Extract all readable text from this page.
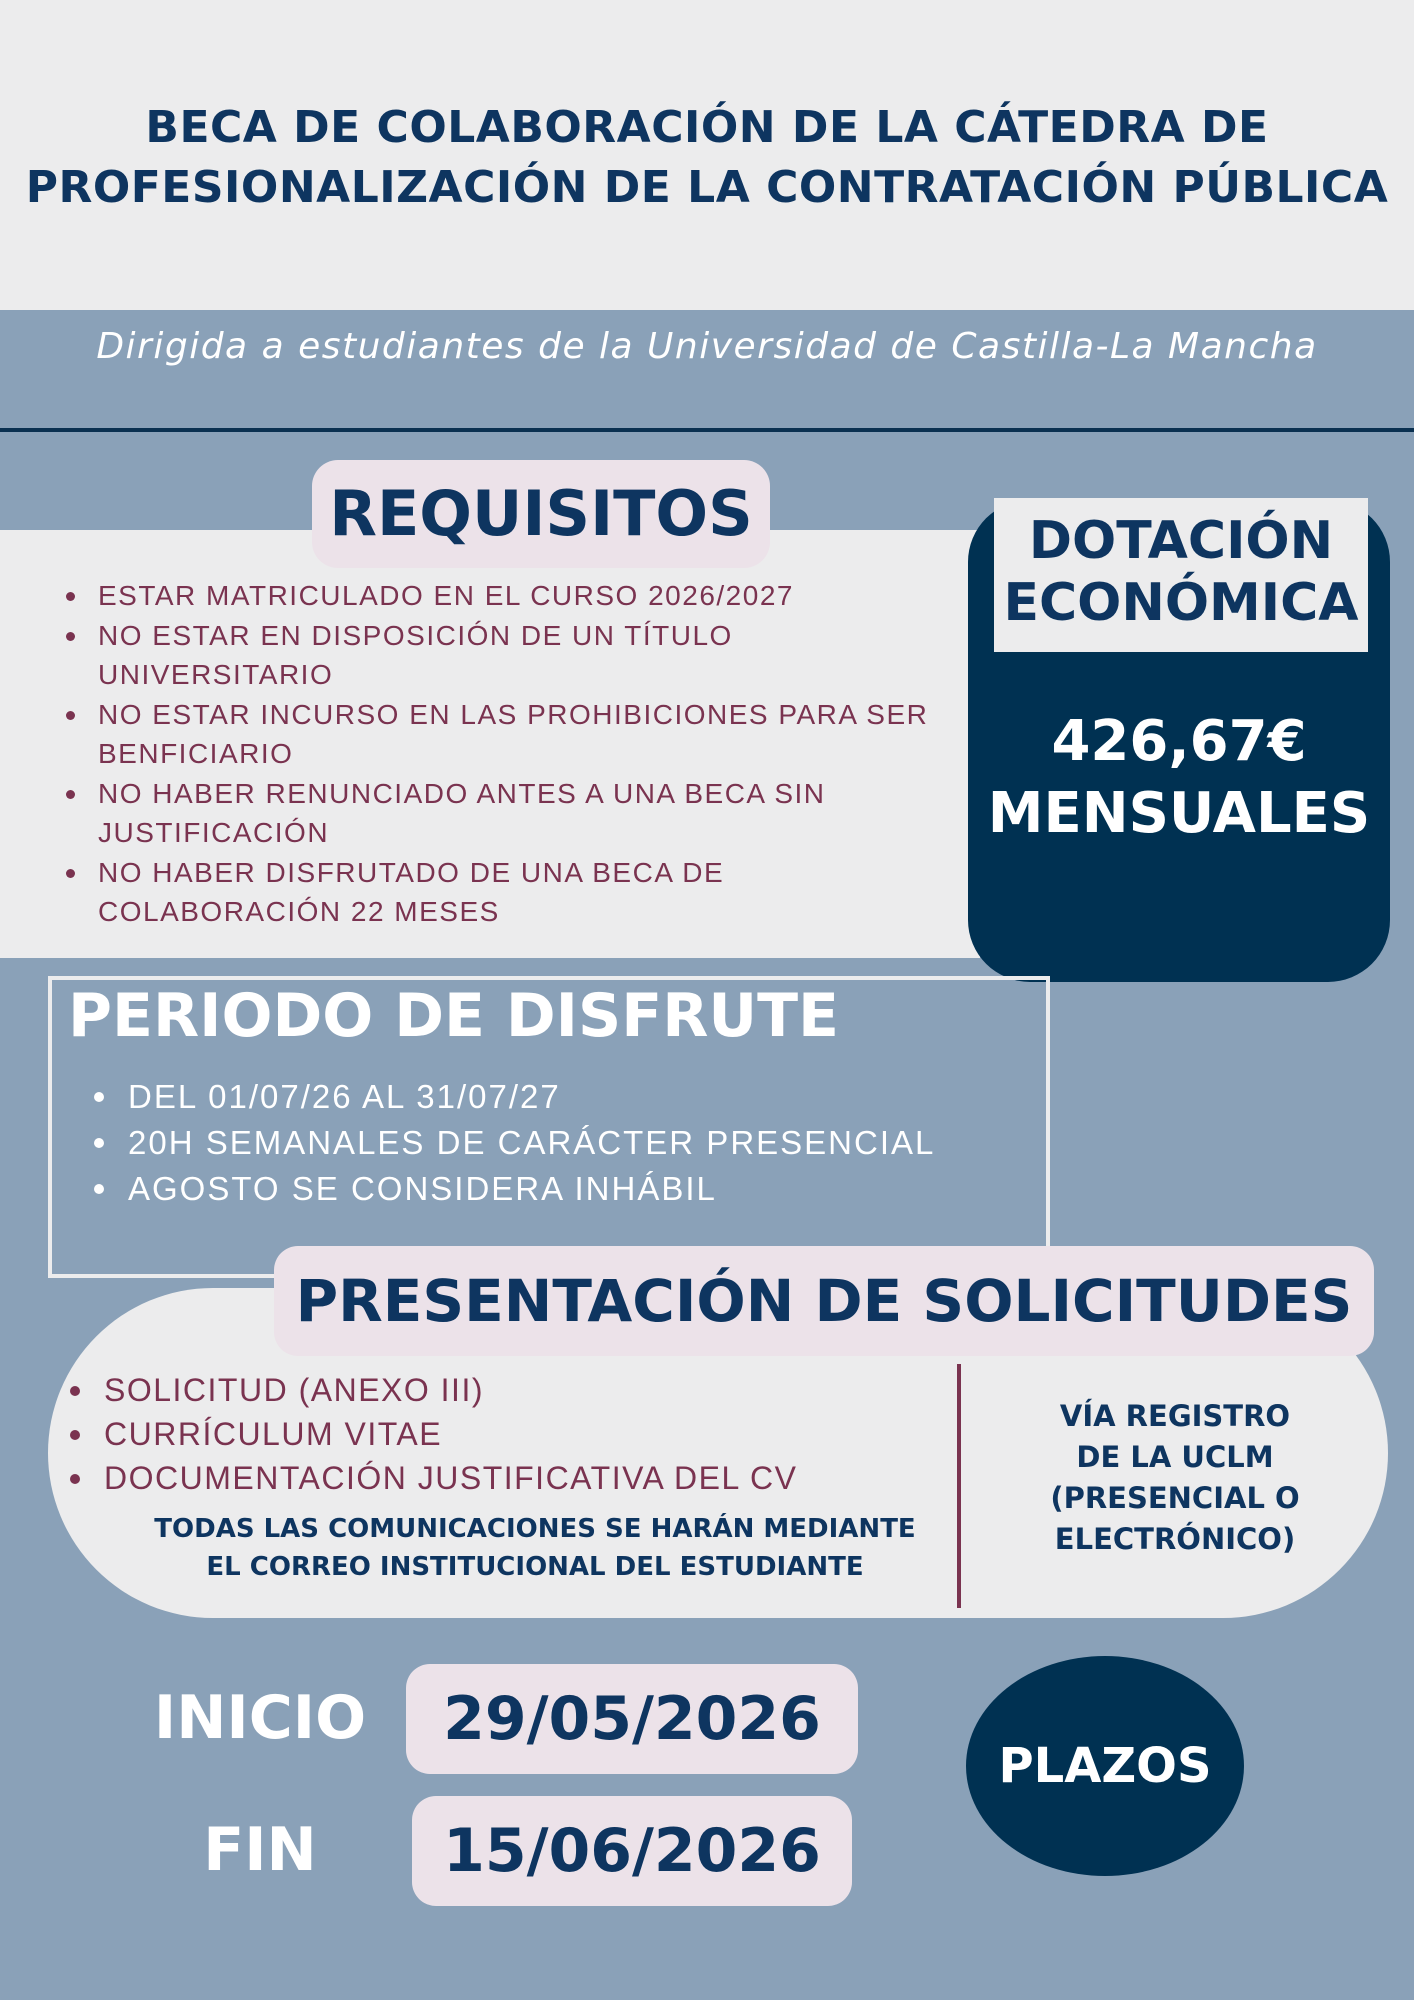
BECA DE COLABORACIÓN DE LA CÁTEDRA DE
PROFESIONALIZACIÓN DE LA CONTRATACIÓN PÚBLICA

Dirigida a estudiantes de la Universidad de Castilla-La Mancha

REQUISITOS
ESTAR MATRICULADO EN EL CURSO 2026/2027
NO ESTAR EN DISPOSICIÓN DE UN TÍTULO UNIVERSITARIO
NO ESTAR INCURSO EN LAS PROHIBICIONES PARA SER BENFICIARIO
NO HABER RENUNCIADO ANTES A UNA BECA SIN JUSTIFICACIÓN
NO HABER DISFRUTADO DE UNA BECA DE COLABORACIÓN 22 MESES
DOTACIÓN
ECONÓMICA
426,67€
MENSUALES
PERIODO DE DISFRUTE
DEL 01/07/26 AL 31/07/27
20H SEMANALES DE CARÁCTER PRESENCIAL
AGOSTO SE CONSIDERA INHÁBIL
PRESENTACIÓN DE SOLICITUDES
SOLICITUD (ANEXO III)
CURRÍCULUM VITAE
DOCUMENTACIÓN JUSTIFICATIVA DEL CV
TODAS LAS COMUNICACIONES SE HARÁN MEDIANTE
EL CORREO INSTITUCIONAL DEL ESTUDIANTE
VÍA REGISTRO
DE LA UCLM
(PRESENCIAL O
ELECTRÓNICO)
INICIO	29/05/2026
FIN	15/06/2026
PLAZOS
